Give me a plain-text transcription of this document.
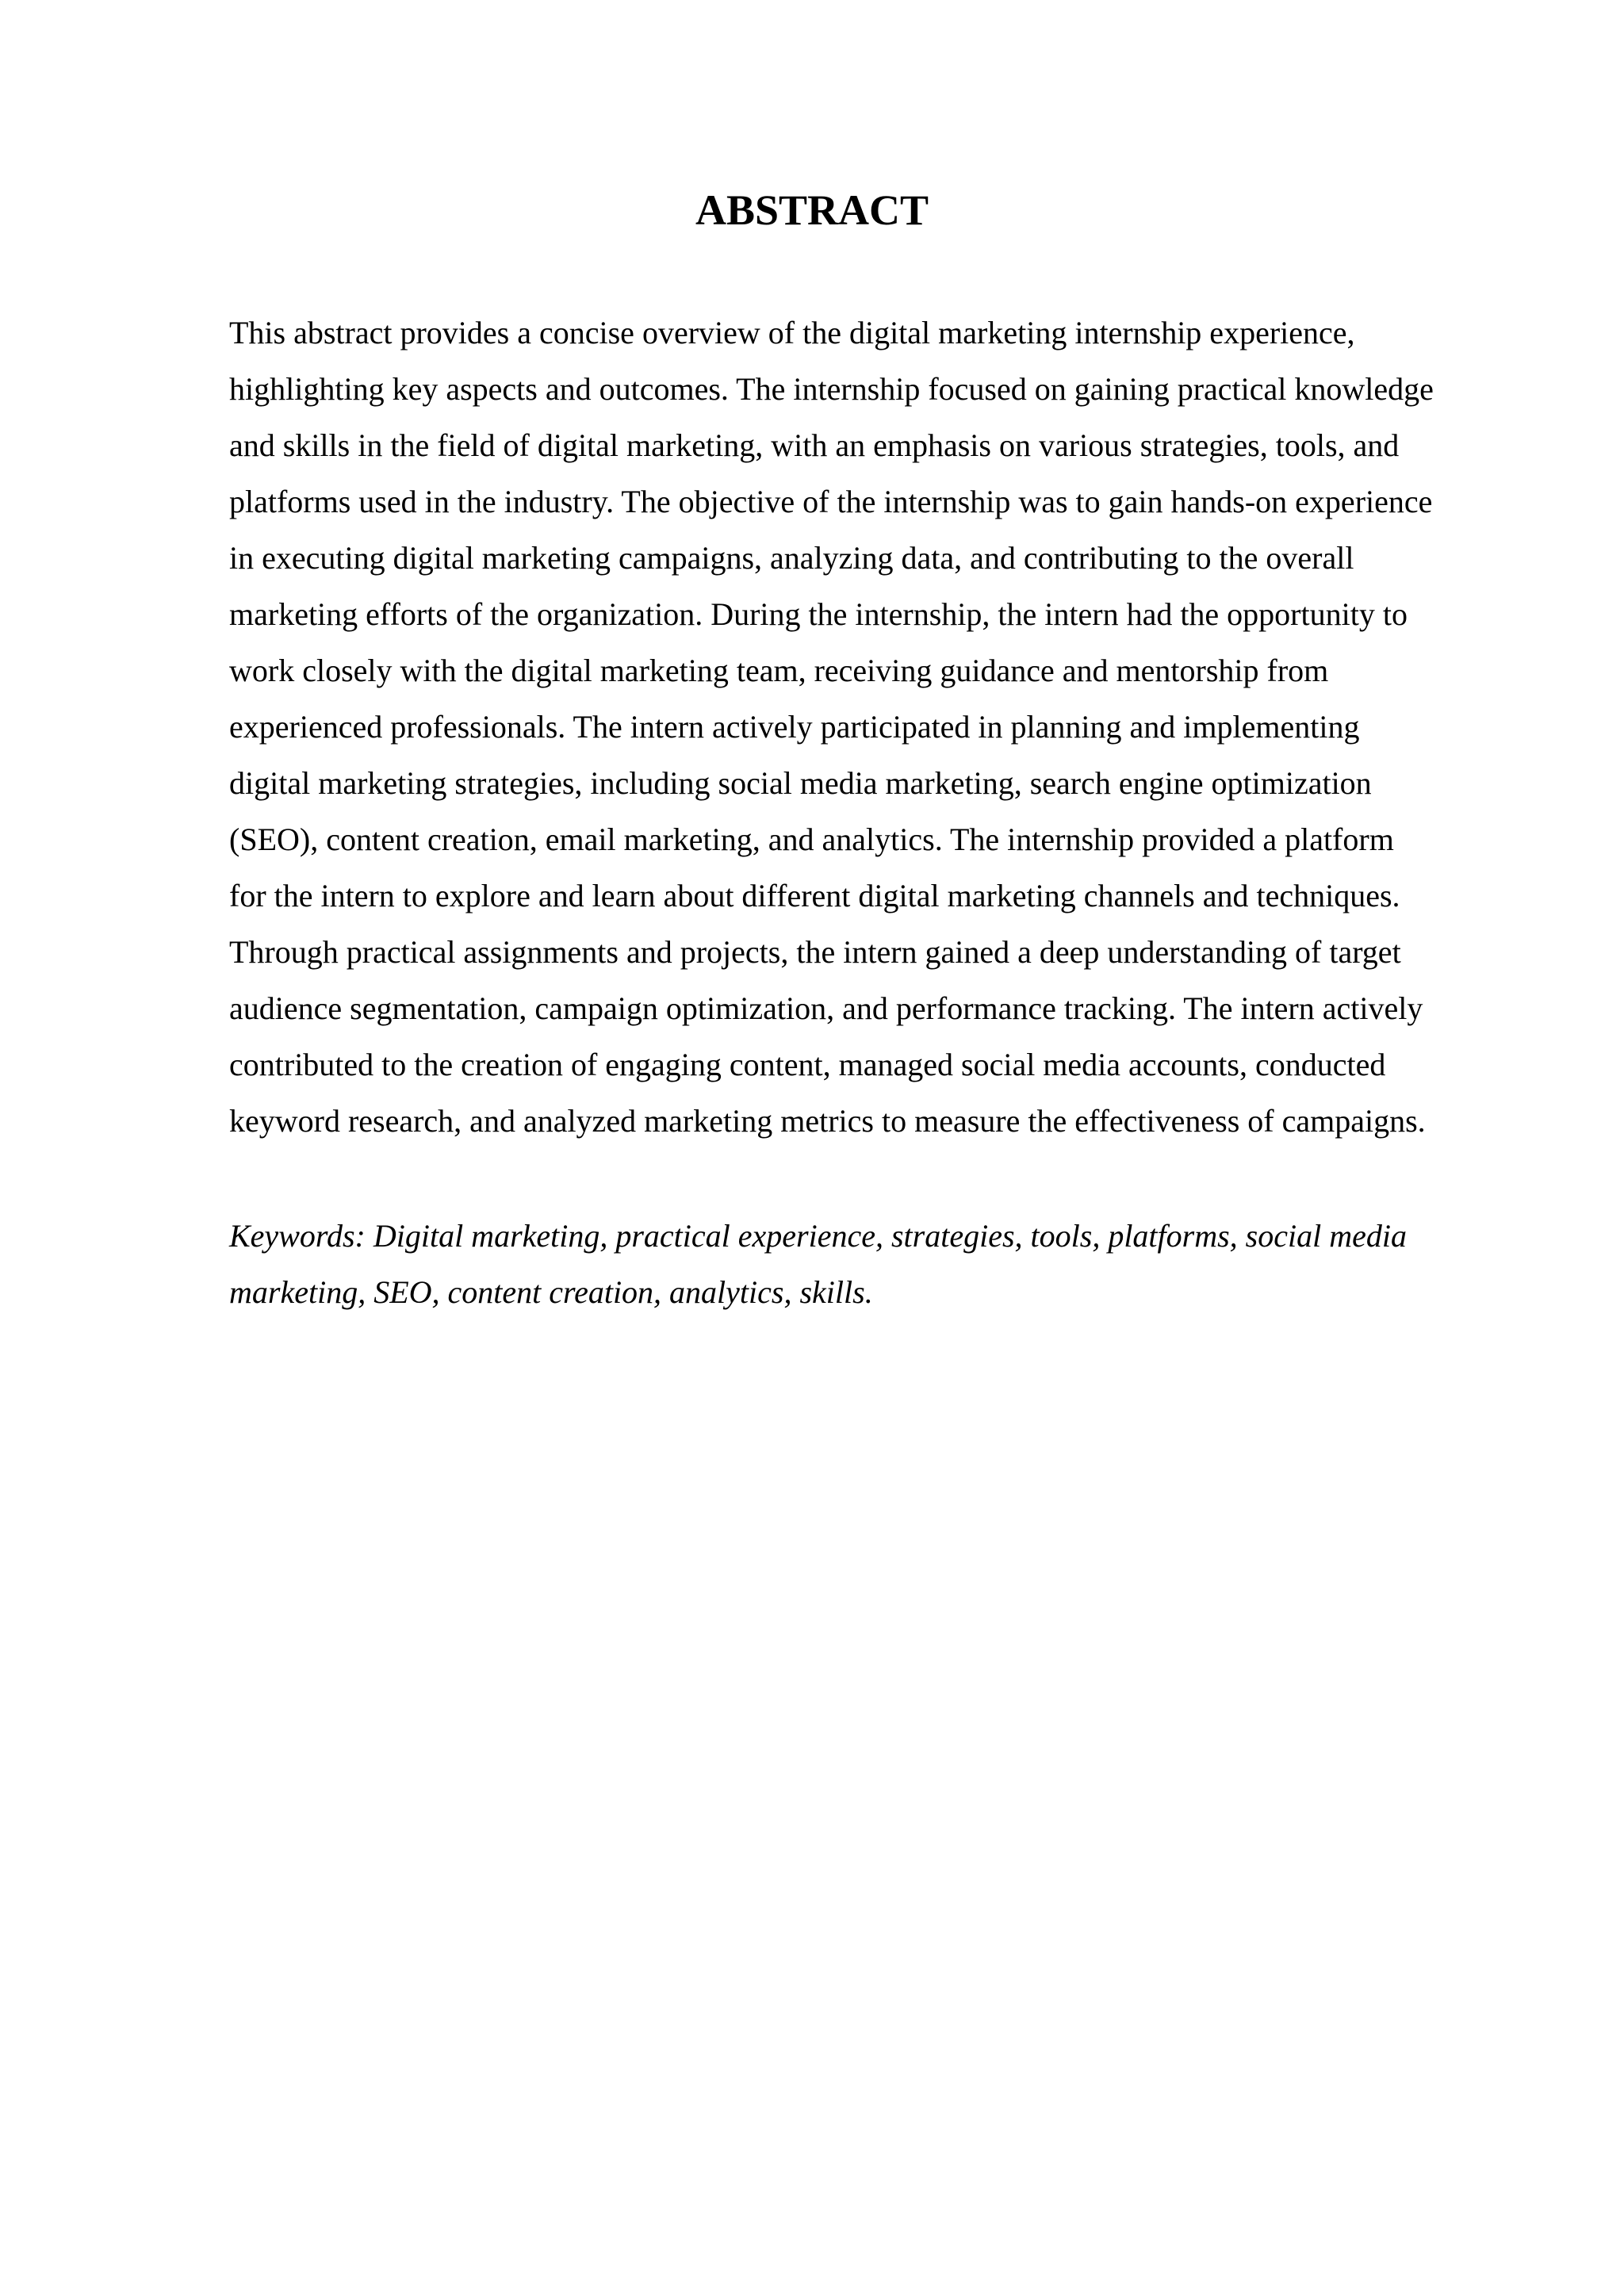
ABSTRACT

This abstract provides a concise overview of the digital marketing internship experience,
highlighting key aspects and outcomes. The internship focused on gaining practical knowledge
and skills in the field of digital marketing, with an emphasis on various strategies, tools, and
platforms used in the industry. The objective of the internship was to gain hands-on experience
in executing digital marketing campaigns, analyzing data, and contributing to the overall
marketing efforts of the organization. During the internship, the intern had the opportunity to
work closely with the digital marketing team, receiving guidance and mentorship from
experienced professionals. The intern actively participated in planning and implementing
digital marketing strategies, including social media marketing, search engine optimization
(SEO), content creation, email marketing, and analytics. The internship provided a platform
for the intern to explore and learn about different digital marketing channels and techniques.
Through practical assignments and projects, the intern gained a deep understanding of target
audience segmentation, campaign optimization, and performance tracking. The intern actively
contributed to the creation of engaging content, managed social media accounts, conducted
keyword research, and analyzed marketing metrics to measure the effectiveness of campaigns.

Keywords: Digital marketing, practical experience, strategies, tools, platforms, social media
marketing, SEO, content creation, analytics, skills.
